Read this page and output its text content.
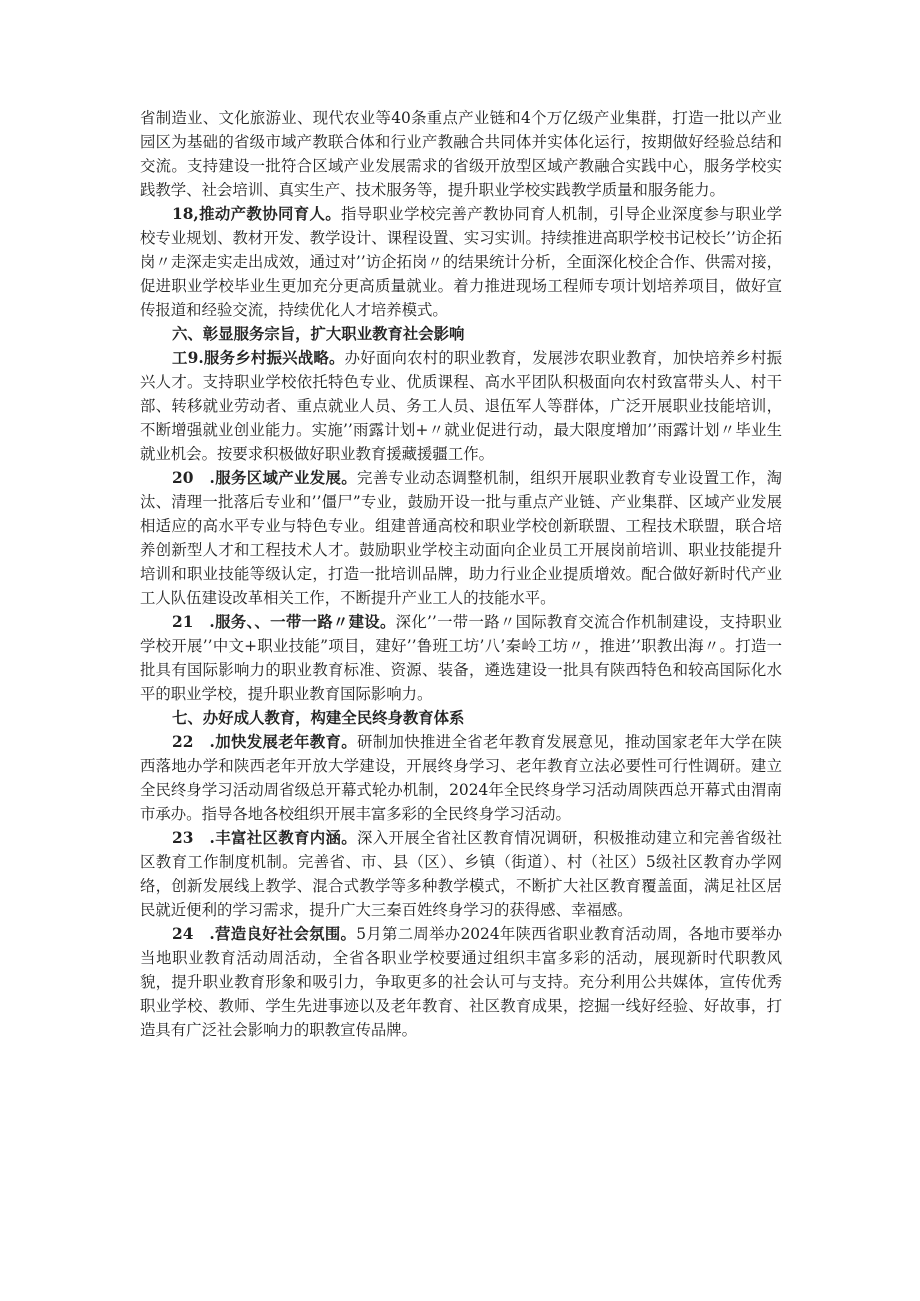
省制造业、文化旅游业、现代农业等40条重点产业链和4个万亿级产业集群，打造一批以产业园区为基础的省级市域产教联合体和行业产教融合共同体并实体化运行，按期做好经验总结和交流。支持建设一批符合区域产业发展需求的省级开放型区域产教融合实践中心，服务学校实践教学、社会培训、真实生产、技术服务等，提升职业学校实践教学质量和服务能力。

18,推动产教协同育人。指导职业学校完善产教协同育人机制，引导企业深度参与职业学校专业规划、教材开发、教学设计、课程设置、实习实训。持续推进高职学校书记校长’’访企拓岗〃走深走实走出成效，通过对’’访企拓岗〃的结果统计分析，全面深化校企合作、供需对接，促进职业学校毕业生更加充分更高质量就业。着力推进现场工程师专项计划培养项目，做好宣传报道和经验交流，持续优化人才培养模式。

六、彰显服务宗旨，扩大职业教育社会影响

工9.服务乡村振兴战略。办好面向农村的职业教育，发展涉农职业教育，加快培养乡村振兴人才。支持职业学校依托特色专业、优质课程、高水平团队积极面向农村致富带头人、村干部、转移就业劳动者、重点就业人员、务工人员、退伍军人等群体，广泛开展职业技能培训，不断增强就业创业能力。实施’’雨露计划+〃就业促进行动，最大限度增加’’雨露计划〃毕业生就业机会。按要求积极做好职业教育援藏援疆工作。

20　.服务区域产业发展。完善专业动态调整机制，组织开展职业教育专业设置工作，淘汰、清理一批落后专业和’’僵尸”专业，鼓励开设一批与重点产业链、产业集群、区域产业发展相适应的高水平专业与特色专业。组建普通高校和职业学校创新联盟、工程技术联盟，联合培养创新型人才和工程技术人才。鼓励职业学校主动面向企业员工开展岗前培训、职业技能提升培训和职业技能等级认定，打造一批培训品牌，助力行业企业提质增效。配合做好新时代产业工人队伍建设改革相关工作，不断提升产业工人的技能水平。

21　.服务、、一带一路〃建设。深化’’一带一路〃国际教育交流合作机制建设，支持职业学校开展’’中文+职业技能”项目，建好’’鲁班工坊’八’秦岭工坊〃，推进’’职教出海〃。打造一批具有国际影响力的职业教育标准、资源、装备，遴选建设一批具有陕西特色和较高国际化水平的职业学校，提升职业教育国际影响力。

七、办好成人教育，构建全民终身教育体系

22　.加快发展老年教育。研制加快推进全省老年教育发展意见，推动国家老年大学在陕西落地办学和陕西老年开放大学建设，开展终身学习、老年教育立法必要性可行性调研。建立全民终身学习活动周省级总开幕式轮办机制，2024年全民终身学习活动周陕西总开幕式由渭南市承办。指导各地各校组织开展丰富多彩的全民终身学习活动。

23　.丰富社区教育内涵。深入开展全省社区教育情况调研，积极推动建立和完善省级社区教育工作制度机制。完善省、市、县（区）、乡镇（街道）、村（社区）5级社区教育办学网络，创新发展线上教学、混合式教学等多种教学模式，不断扩大社区教育覆盖面，满足社区居民就近便利的学习需求，提升广大三秦百姓终身学习的获得感、幸福感。

24　.营造良好社会氛围。5月第二周举办2024年陕西省职业教育活动周，各地市要举办当地职业教育活动周活动，全省各职业学校要通过组织丰富多彩的活动，展现新时代职教风貌，提升职业教育形象和吸引力，争取更多的社会认可与支持。充分利用公共媒体，宣传优秀职业学校、教师、学生先进事迹以及老年教育、社区教育成果，挖掘一线好经验、好故事，打造具有广泛社会影响力的职教宣传品牌。
